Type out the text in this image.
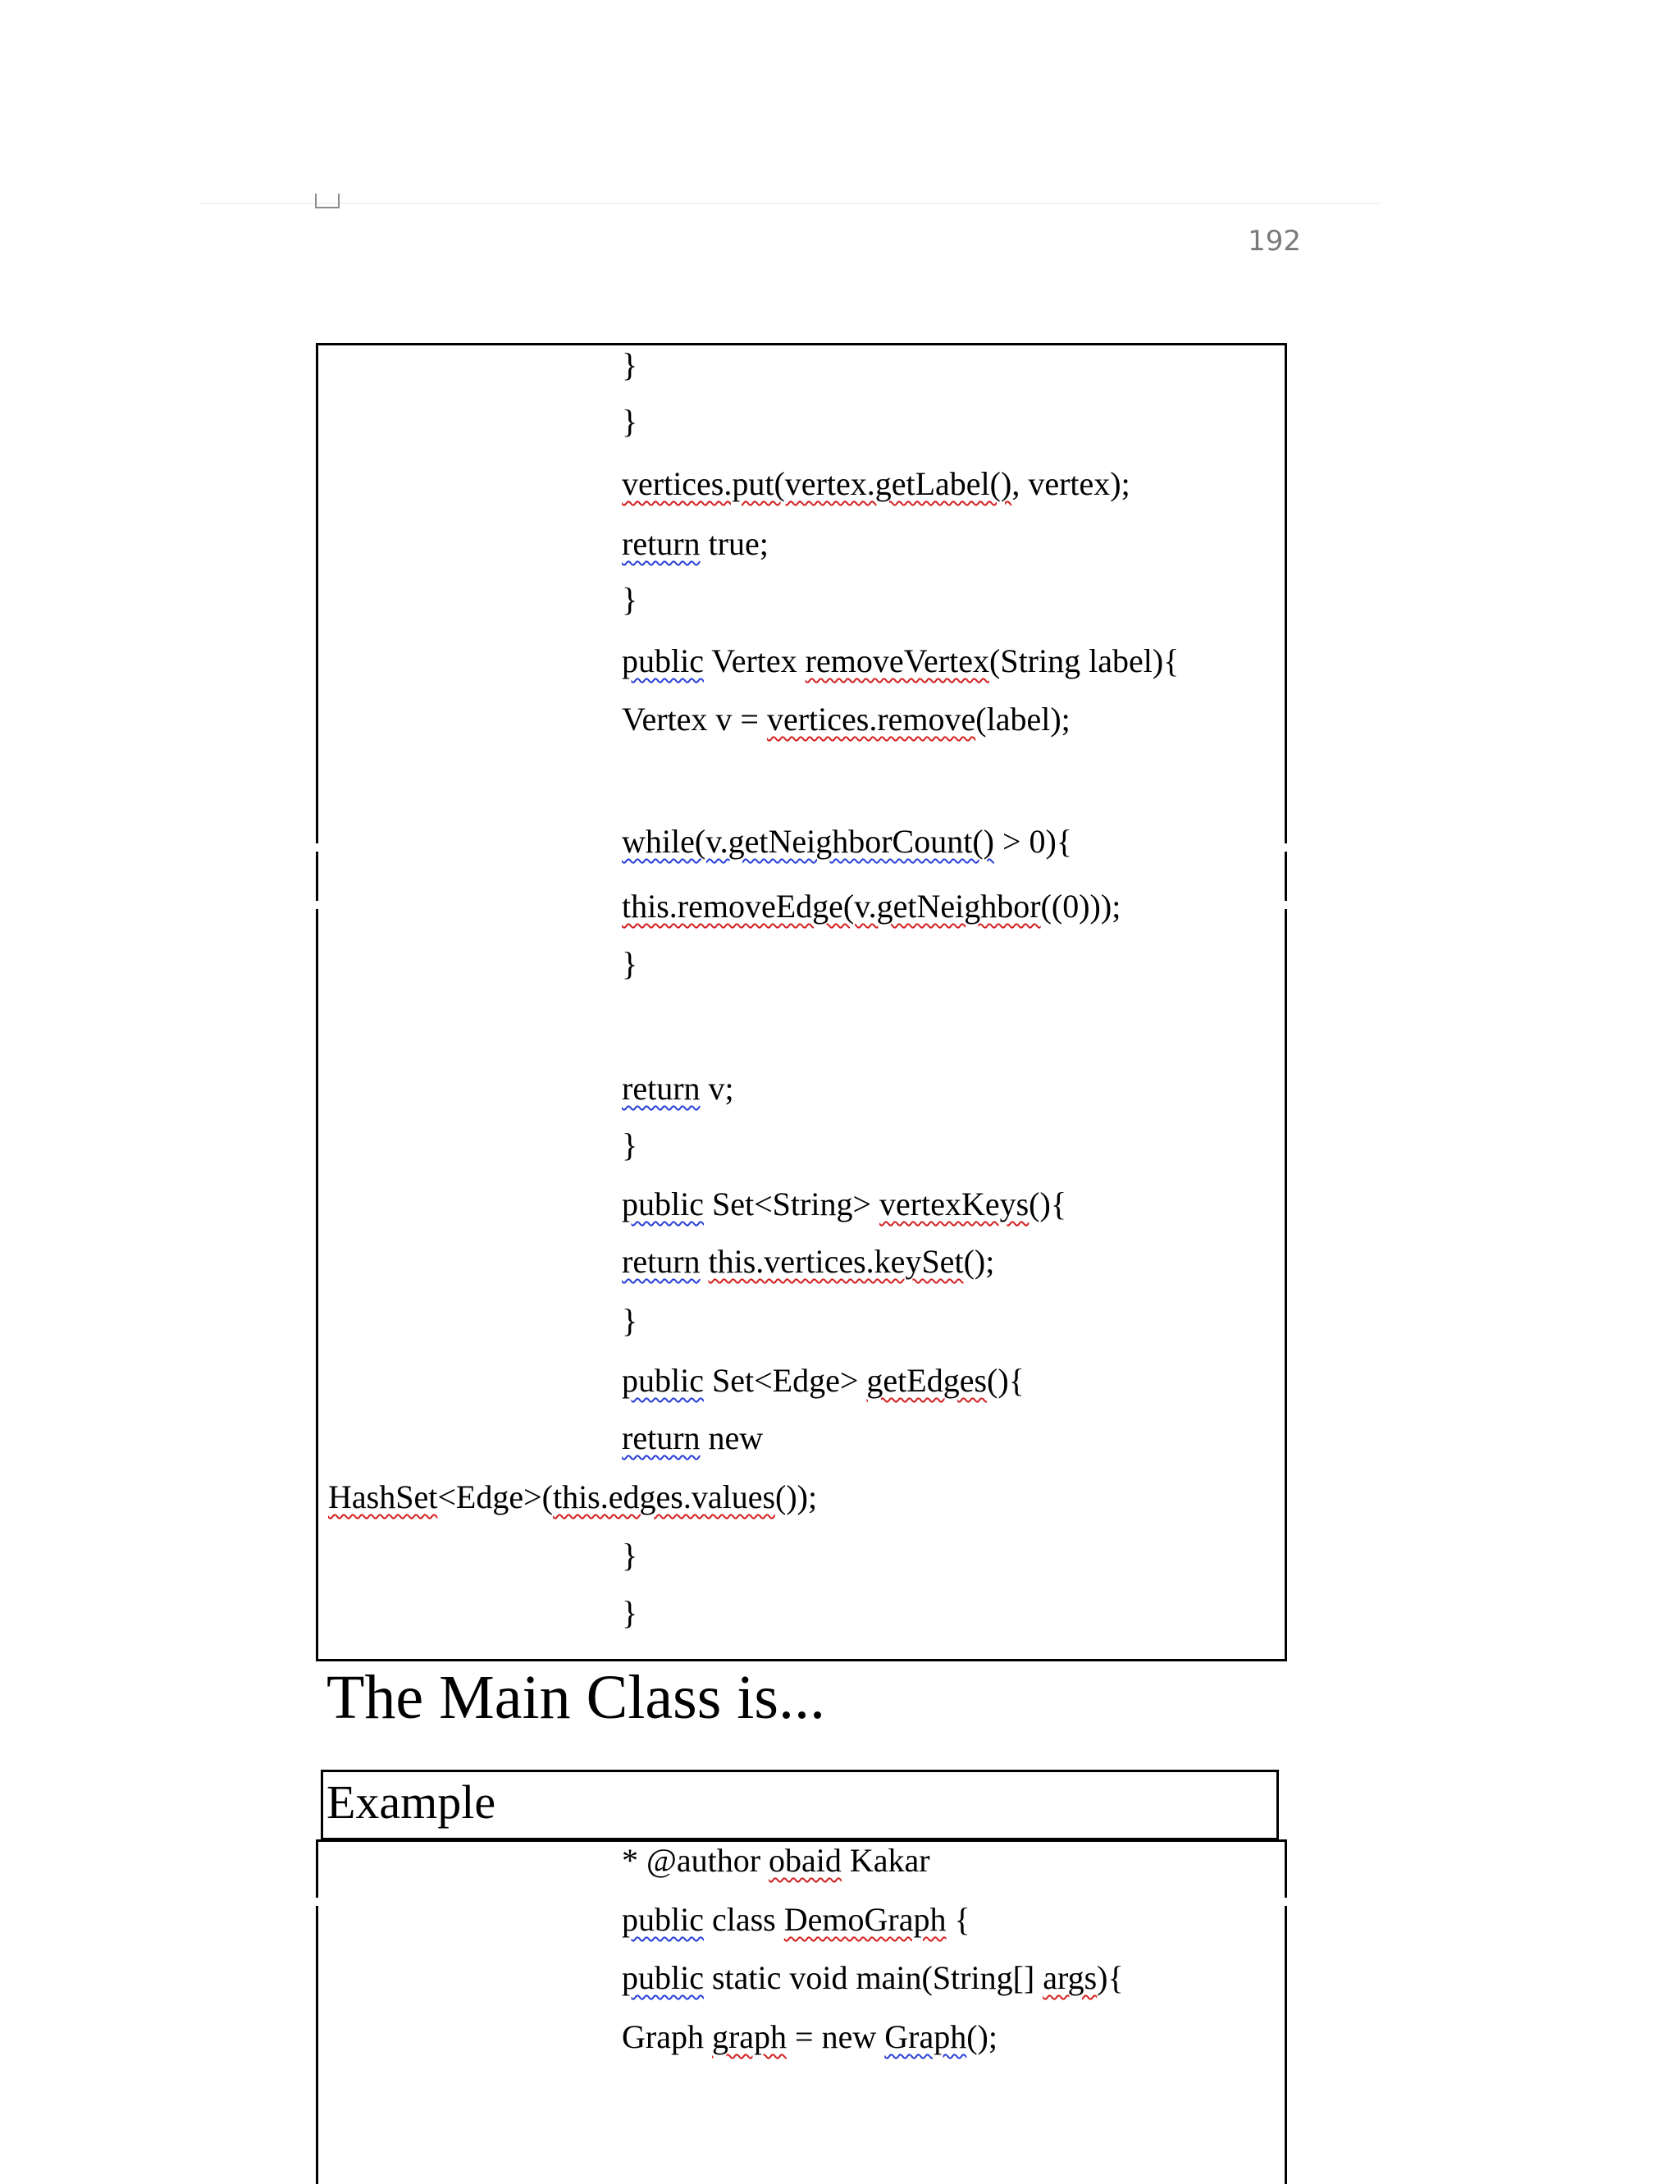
192
}
}
vertices.put(vertex.getLabel(), vertex);
return true;
}
public Vertex removeVertex(String label){
Vertex v = vertices.remove(label);
while(v.getNeighborCount() > 0){
this.removeEdge(v.getNeighbor((0)));
}
return v;
}
public Set<String> vertexKeys(){
return this.vertices.keySet();
}
public Set<Edge> getEdges(){
return new
HashSet<Edge>(this.edges.values());
}
}
The Main Class is...
Example
* @author obaid Kakar
public class DemoGraph {
public static void main(String[] args){
Graph graph = new Graph();
